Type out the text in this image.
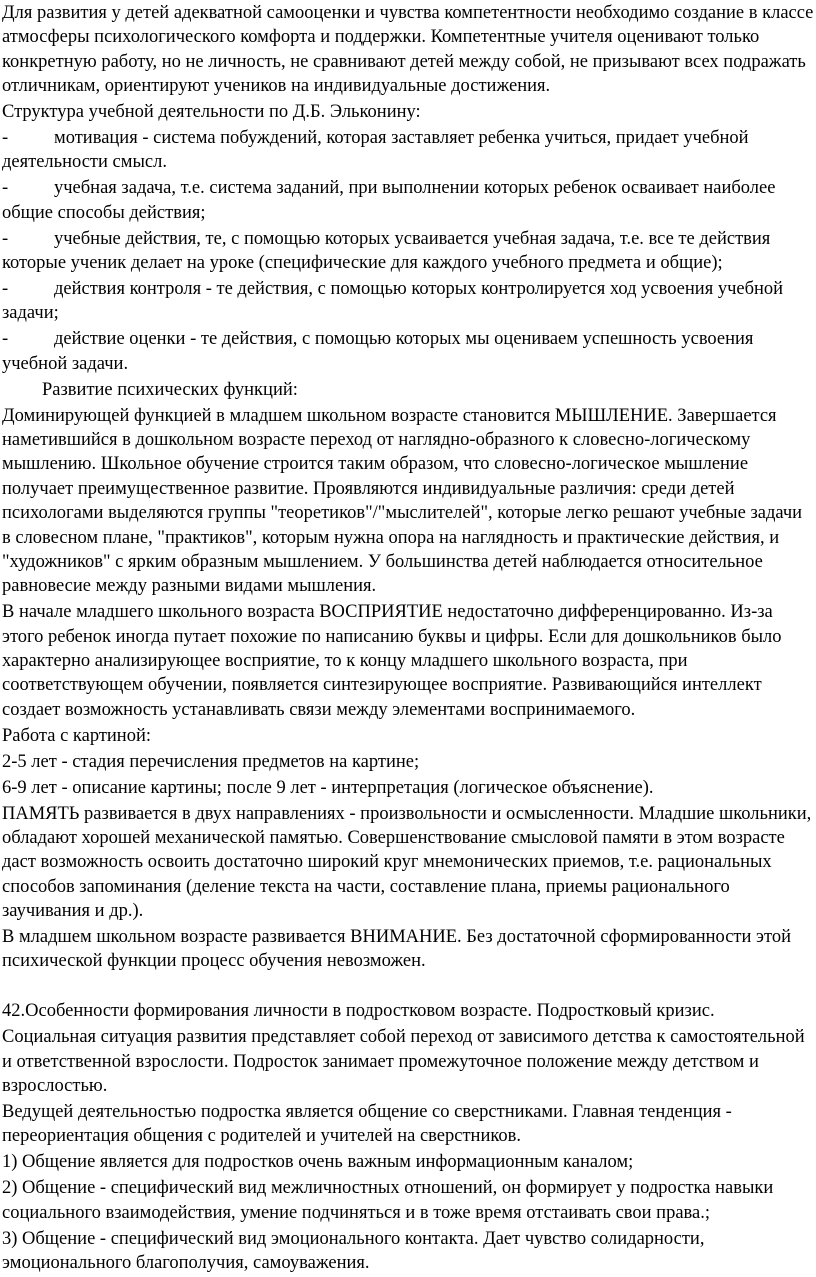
Для развития у детей адекватной самооценки и чувства компетентности необходимо создание в классе атмосферы психологического комфорта и поддержки. Компетентные учителя оценивают только конкретную работу, но не личность, не сравнивают детей между собой, не призывают всех подражать отличникам, ориентируют учеников на индивидуальные достижения.

Структура учебной деятельности по Д.Б. Эльконину:

- мотивация - система побуждений, которая заставляет ребенка учиться, придает учебной деятельности смысл.

- учебная задача, т.е. система заданий, при выполнении которых ребенок осваивает наиболее общие способы действия;

- учебные действия, те, с помощью которых усваивается учебная задача, т.е. все те действия которые ученик делает на уроке (специфические для каждого учебного предмета и общие);

- действия контроля - те действия, с помощью которых контролируется ход усвоения учебной задачи;

- действие оценки - те действия, с помощью которых мы оцениваем успешность усвоения учебной задачи.

Развитие психических функций:

Доминирующей функцией в младшем школьном возрасте становится МЫШЛЕНИЕ. Завершается наметившийся в дошкольном возрасте переход от наглядно-образного к словесно-логическому мышлению. Школьное обучение строится таким образом, что словесно-логическое мышление получает преимущественное развитие. Проявляются индивидуальные различия: среди детей психологами выделяются группы "теоретиков"/"мыслителей", которые легко решают учебные задачи в словесном плане, "практиков", которым нужна опора на наглядность и практические действия, и "художников" с ярким образным мышлением. У большинства детей наблюдается относительное равновесие между разными видами мышления.

В начале младшего школьного возраста ВОСПРИЯТИЕ недостаточно дифференцированно. Из-за этого ребенок иногда путает похожие по написанию буквы и цифры. Если для дошкольников было характерно анализирующее восприятие, то к концу младшего школьного возраста, при соответствующем обучении, появляется синтезирующее восприятие. Развивающийся интеллект создает возможность устанавливать связи между элементами воспринимаемого.

Работа с картиной:

2-5 лет - стадия перечисления предметов на картине;

6-9 лет - описание картины; после 9 лет - интерпретация (логическое объяснение).

ПАМЯТЬ развивается в двух направлениях - произвольности и осмысленности. Младшие школьники, обладают хорошей механической памятью. Совершенствование смысловой памяти в этом возрасте даст возможность освоить достаточно широкий круг мнемонических приемов, т.е. рациональных способов запоминания (деление текста на части, составление плана, приемы рационального заучивания и др.).

В младшем школьном возрасте развивается ВНИМАНИЕ. Без достаточной сформированности этой психической функции процесс обучения невозможен.

42.Особенности формирования личности в подростковом возрасте. Подростковый кризис.

Социальная ситуация развития представляет собой переход от зависимого детства к самостоятельной и ответственной взрослости. Подросток занимает промежуточное положение между детством и взрослостью.

Ведущей деятельностью подростка является общение со сверстниками. Главная тенденция - переориентация общения с родителей и учителей на сверстников.

1) Общение является для подростков очень важным информационным каналом;

2) Общение - специфический вид межличностных отношений, он формирует у подростка навыки социального взаимодействия, умение подчиняться и в тоже время отстаивать свои права.;

3) Общение - специфический вид эмоционального контакта. Дает чувство солидарности, эмоционального благополучия, самоуважения.
